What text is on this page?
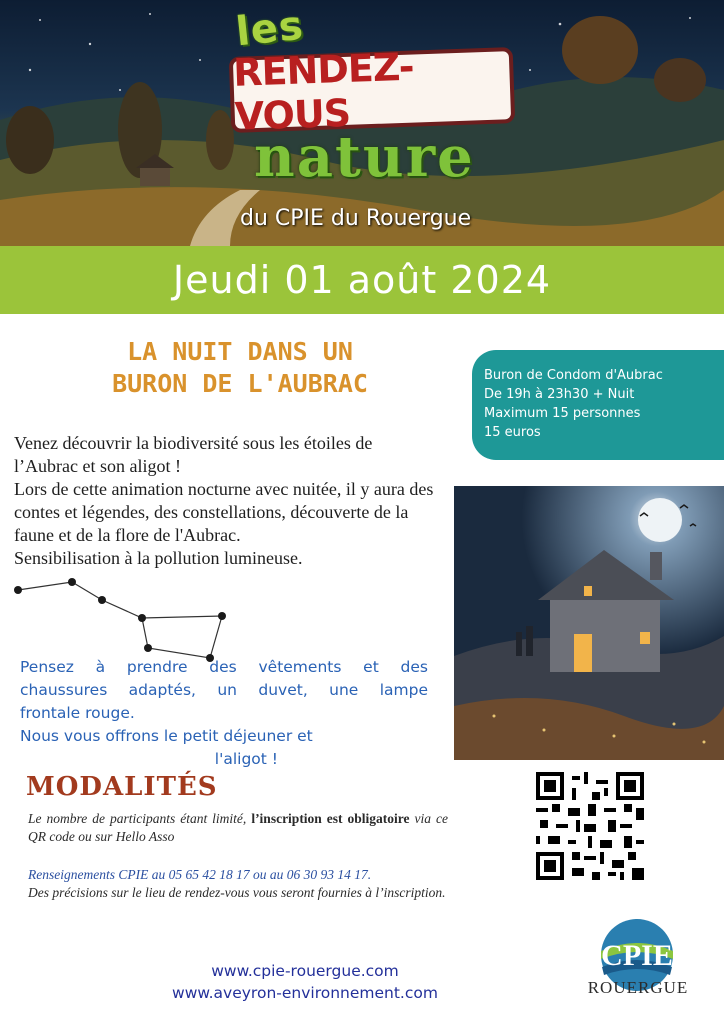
les
RENDEZ-VOUS
nature
du CPIE du Rouergue
Jeudi 01 août 2024
LA NUIT DANS UN
BURON DE L'AUBRAC	Buron de Condom d'Aubrac
De 19h à 23h30 + Nuit
Maximum 15 personnes
15 euros

Venez découvrir la biodiversité sous les étoiles de l’Aubrac et son aligot !

Lors de cette animation nocturne avec nuitée, il y aura des contes et légendes, des constellations, découverte de la faune et de la flore de l'Aubrac.

Sensibilisation à la pollution lumineuse.

Pensez à prendre des vêtements et des
chaussures adaptés, un duvet, une lampe
frontale rouge.
Nous vous offrons le petit déjeuner et
l'aligot !
MODALITÉS
Le nombre de participants étant limité, l’inscription est obligatoire via ce QR code ou sur Hello Asso
Renseignements CPIE au 05 65 42 18 17 ou au 06 30 93 14 17.
Des précisions sur le lieu de rendez-vous vous seront fournies à l’inscription.
www.cpie-rouergue.com
www.aveyron-environnement.com
CPIE
ROUERGUE
